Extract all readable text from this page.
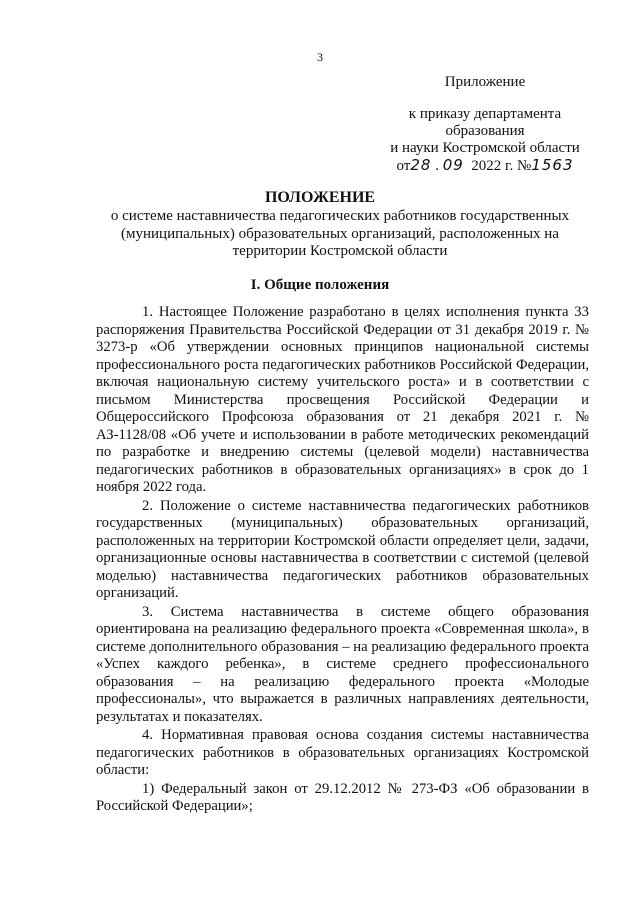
3
Приложение
к приказу департамента
образования
и науки Костромской области
от28 . 09 2022 г. №1563
ПОЛОЖЕНИЕ
о системе наставничества педагогических работников государственных (муниципальных) образовательных организаций, расположенных на территории Костромской области
I. Общие положения

1. Настоящее Положение разработано в целях исполнения пункта 33 распоряжения Правительства Российской Федерации от 31 декабря 2019 г. № 3273-р «Об утверждении основных принципов национальной системы профессионального роста педагогических работников Российской Федерации, включая национальную систему учительского роста» и в соответствии с письмом Министерства просвещения Российской Федерации и Общероссийского Профсоюза образования от 21 декабря 2021 г. № АЗ-1128/08 «Об учете и использовании в работе методических рекомендаций по разработке и внедрению системы (целевой модели) наставничества педагогических работников в образовательных организациях» в срок до 1 ноября 2022 года.

2. Положение о системе наставничества педагогических работников государственных (муниципальных) образовательных организаций, расположенных на территории Костромской области определяет цели, задачи, организационные основы наставничества в соответствии с системой (целевой моделью) наставничества педагогических работников образовательных организаций.

3. Система наставничества в системе общего образования ориентирована на реализацию федерального проекта «Современная школа», в системе дополнительного образования – на реализацию федерального проекта «Успех каждого ребенка», в системе среднего профессионального образования – на реализацию федерального проекта «Молодые профессионалы», что выражается в различных направлениях деятельности, результатах и показателях.

4. Нормативная правовая основа создания системы наставничества педагогических работников в образовательных организациях Костромской области:

1) Федеральный закон от 29.12.2012 № 273-ФЗ «Об образовании в Российской Федерации»;
